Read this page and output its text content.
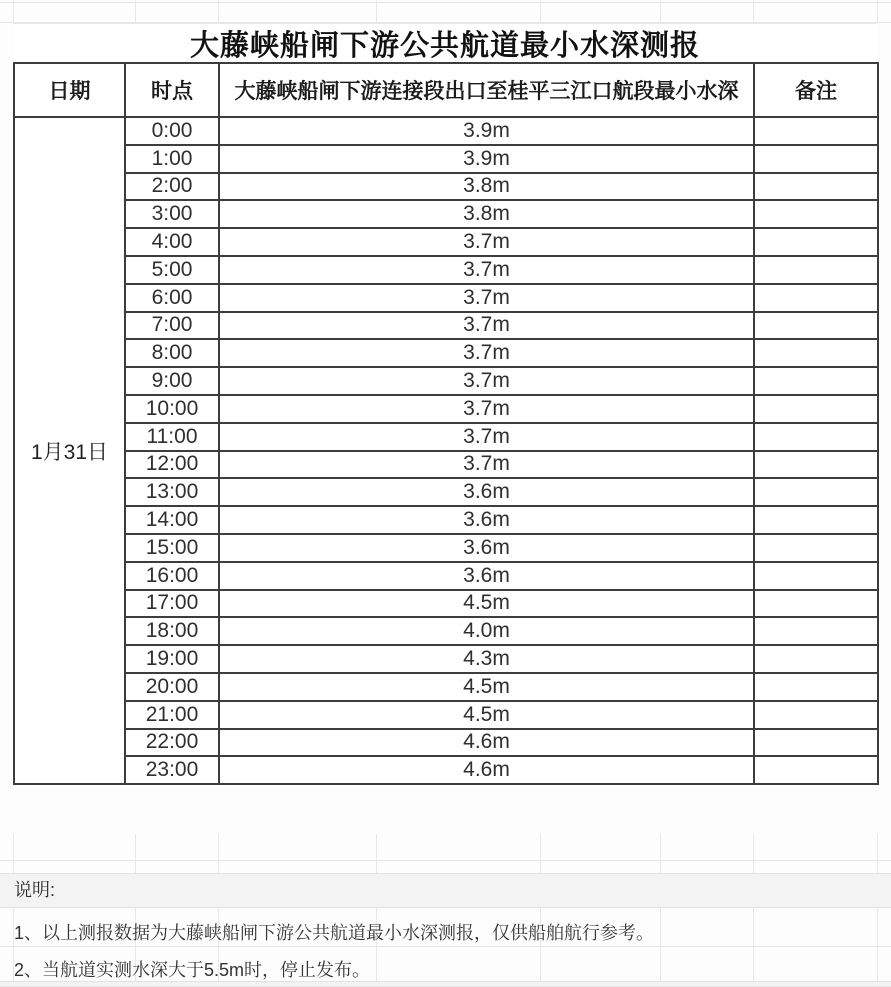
大藤峡船闸下游公共航道最小水深测报
日期	时点	大藤峡船闸下游连接段出口至桂平三江口航段最小水深	备注
1月31日	0:00	3.9m	
	1:00	3.9m	
	2:00	3.8m	
	3:00	3.8m	
	4:00	3.7m	
	5:00	3.7m	
	6:00	3.7m	
	7:00	3.7m	
	8:00	3.7m	
	9:00	3.7m	
	10:00	3.7m	
	11:00	3.7m	
	12:00	3.7m	
	13:00	3.6m	
	14:00	3.6m	
	15:00	3.6m	
	16:00	3.6m	
	17:00	4.5m	
	18:00	4.0m	
	19:00	4.3m	
	20:00	4.5m	
	21:00	4.5m	
	22:00	4.6m	
	23:00	4.6m	
说明:
1、以上测报数据为大藤峡船闸下游公共航道最小水深测报，仅供船舶航行参考。
2、当航道实测水深大于5.5m时，停止发布。
